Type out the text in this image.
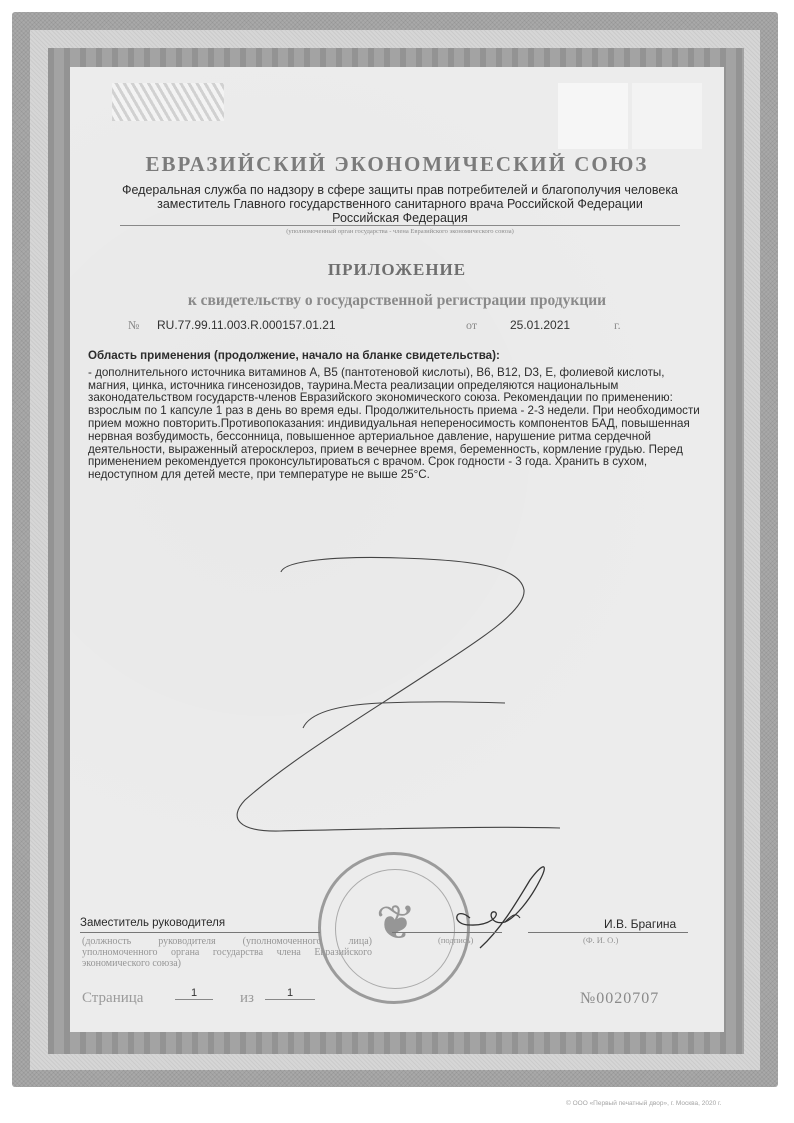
ЕВРАЗИЙСКИЙ ЭКОНОМИЧЕСКИЙ СОЮЗ
Федеральная служба по надзору в сфере защиты прав потребителей и благополучия человека
заместитель Главного государственного санитарного врача Российской Федерации
Российская Федерация
(уполномоченный орган государства - члена Евразийского экономического союза)
ПРИЛОЖЕНИЕ
к свидетельству о государственной регистрации продукции
№ RU.77.99.11.003.R.000157.01.21	от	25.01.2021	г.
Область применения (продолжение, начало на бланке свидетельства):

- дополнительного источника витаминов А, В5 (пантотеновой кислоты), В6, В12, D3, Е, фолиевой кислоты, магния, цинка, источника гинсенозидов, таурина.Места реализации определяются национальным законодательством государств-членов Евразийского экономического союза. Рекомендации по применению: взрослым по 1 капсуле 1 раз в день во время еды. Продолжительность приема - 2-3 недели. При необходимости прием можно повторить.Противопоказания: индивидуальная непереносимость компонентов БАД, повышенная нервная возбудимость, бессонница, повышенное артериальное давление, нарушение ритма сердечной деятельности, выраженный атеросклероз, прием в вечернее время, беременность, кормление грудью. Перед применением рекомендуется проконсультироваться с врачом. Срок годности - 3 года. Хранить в сухом, недоступном для детей месте, при температуре не выше 25°С.

❦
Заместитель руководителя
(должность руководителя (уполномоченного лица) уполномоченного органа государства члена Евразийского экономического союза)
(подпись)
И.В. Брагина
(Ф. И. О.)
Страница	1	из	1	№0020707
© ООО «Первый печатный двор», г. Москва, 2020 г.
